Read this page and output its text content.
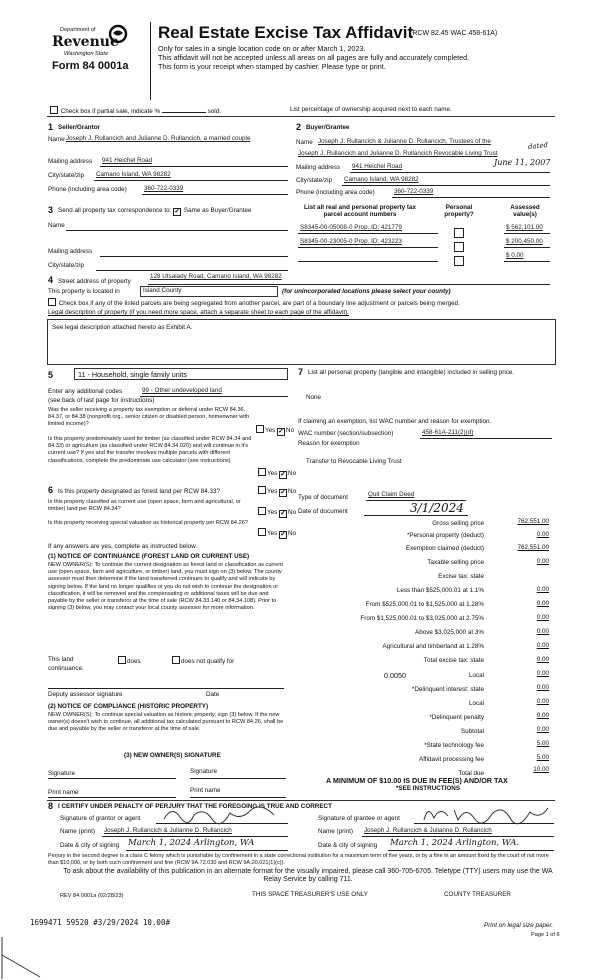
Department of
Revenue
Washington State
Form 84 0001a
Real Estate Excise Tax Affidavit
(RCW 82.45 WAC 458-61A)
Only for sales in a single location code on or after March 1, 2023.
This affidavit will not be accepted unless all areas on all pages are fully and accurately completed.
This form is your receipt when stamped by cashier. Please type or print.
Check box if partial sale, indicate %	sold.	List percentage of ownership acquired next to each name.
1 Seller/Grantor
Name Joseph J. Rullancich and Julianne D. Rullancich, a married couple
Mailing address 941 Heichel Road
City/state/zip Camano Island, WA 98282
Phone (including area code)	360-722-0339
2 Buyer/Grantee
Name Joseph J. Rullancich & Julianne D. Rullancich, Trustees of the
Joseph J. Rullancich and Julianne D. Rullancich Revocable Living Trust
dated
Mailing address 941 Heichel Road	June 11, 2007
City/state/zip Camano Island, WA 98282
Phone (including area code)	360-722-0339
3 Send all property tax correspondence to: ✓ Same as Buyer/Grantee
Name
Mailing address
City/state/zip
List all real and personal property tax parcel account numbers
Personal property?
Assessed value(s)
S8345-00-05008-0 Prop. ID: 421779	$ 562,101.00
S8345-00-23005-0 Prop. ID: 423223	$ 200,450.00
$ 0.00
4 Street address of property
128 Utsalady Road, Camano Island, WA 98282
This property is located in	Island County	(for unincorporated locations please select your county)
Check box if any of the listed parcels are being segregated from another parcel, are part of a boundary line adjustment or parcels being merged.
Legal description of property (if you need more space, attach a separate sheet to each page of the affidavit).
See legal description attached hereto as Exhibit A.
5	11 - Household, single family units
Enter any additional codes	99 - Other undeveloped land
(see back of last page for instructions)
Was the seller receiving a property tax exemption or deferral under RCW 84.36, 84.37, or 84.38 (nonprofit org., senior citizen or disabled person, homeowner with limited income)?
Yes ✓ No
Is this property predominately used for timber (as classified under RCW 84.34 and 84.33) or agriculture (as classified under RCW 84.34.020) and will continue in it's current use? If yes and the transfer involves multiple parcels with different classifications, complete the predominate use calculator (see instructions)
Yes ✓ No
6 Is this property designated as forest land per RCW 84.33?	Yes ✓ No
Is this property classified as current use (open space, farm and agricultural, or timber) land per RCW 84.34?	Yes ✓ No
Is this property receiving special valuation as historical property per RCW 84.26?
Yes ✓ No
If any answers are yes, complete as instructed below.
(1) NOTICE OF CONTINUANCE (FOREST LAND OR CURRENT USE)
NEW OWNER(S): To continue the current designation as forest land or classification as current use (open space, farm and agriculture, or timber) land, you must sign on (3) below. The county assessor must then determine if the land transferred continues to qualify and will indicate by signing below. If the land no longer qualifies or you do not wish to continue the designation or classification, it will be removed and the compensating or additional taxes will be due and payable by the seller or transferor at the time of sale (RCW 84.33.140 or 84.34.108). Prior to signing (3) below, you may contact your local county assessor for more information.
This land	does	does not qualify for
continuance.
Deputy assessor signature	Date
(2) NOTICE OF COMPLIANCE (HISTORIC PROPERTY)
NEW OWNER(S): To continue special valuation as historic property, sign (3) below. If the new owner(s) doesn't wish to continue, all additional tax calculated pursuant to RCW 84.26, shall be due and payable by the seller or transferor at the time of sale.
(3) NEW OWNER(S) SIGNATURE
Signature	Signature
Print name	Print name
7 List all personal property (tangible and intangible) included in selling price.
None
If claiming an exemption, list WAC number and reason for exemption.
WAC number (section/subsection)	458-61A-211(2)(d)
Reason for exemption
Transfer to Revocable Living Trust
Type of document	Quit Claim Deed
Date of document	3/1/2024
Gross selling price	762,551.00
*Personal property (deduct)	0.00
Exemption claimed (deduct)	762,551.00
Taxable selling price	0.00
Excise tax: state
Less than $525,000.01 at 1.1%	0.00
From $525,000.01 to $1,525,000 at 1.28%	0.00
From $1,525,000.01 to $3,025,000 at 2.75%	0.00
Above $3,025,000 at 3%	0.00
Agricultural and timberland at 1.28%	0.00
Total excise tax: state	0.00
0.0050	Local	0.00
*Delinquent interest: state	0.00
Local	0.00
*Delinquent penalty	0.00
Subtotal	0.00
*State technology fee	5.00
Affidavit processing fee	5.00
Total due
10.00
A MINIMUM OF $10.00 IS DUE IN FEE(S) AND/OR TAX
*SEE INSTRUCTIONS
8 I CERTIFY UNDER PENALTY OF PERJURY THAT THE FOREGOING IS TRUE AND CORRECT
Signature of grantor or agent
Name (print) Joseph J. Rullancich & Julianne D. Rullancich
Date & city of signing March 1, 2024 Arlington, WA
Signature of grantee or agent
Name (print) Joseph J. Rullancich & Julianne D. Rullancich
Date & city of signing March 1, 2024 Arlington, WA.
Perjury in the second degree is a class C felony which is punishable by confinement in a state correctional institution for a maximum term of five years, or by a fine in an amount fixed by the court of not more than $10,000, or by both such confinement and fine (RCW 9A.72.030 and RCW 9A.20.021(1)(c)).
To ask about the availability of this publication in an alternate format for the visually impaired, please call 360-705-6705. Teletype (TTY) users may use the WA Relay Service by calling 711.
REV 84 0001a (02/28/23)	THIS SPACE TREASURER'S USE ONLY	COUNTY TREASURER
1699471 59520 #3/29/2024 10.00#	Print on legal size paper.
Page 1 of 6
